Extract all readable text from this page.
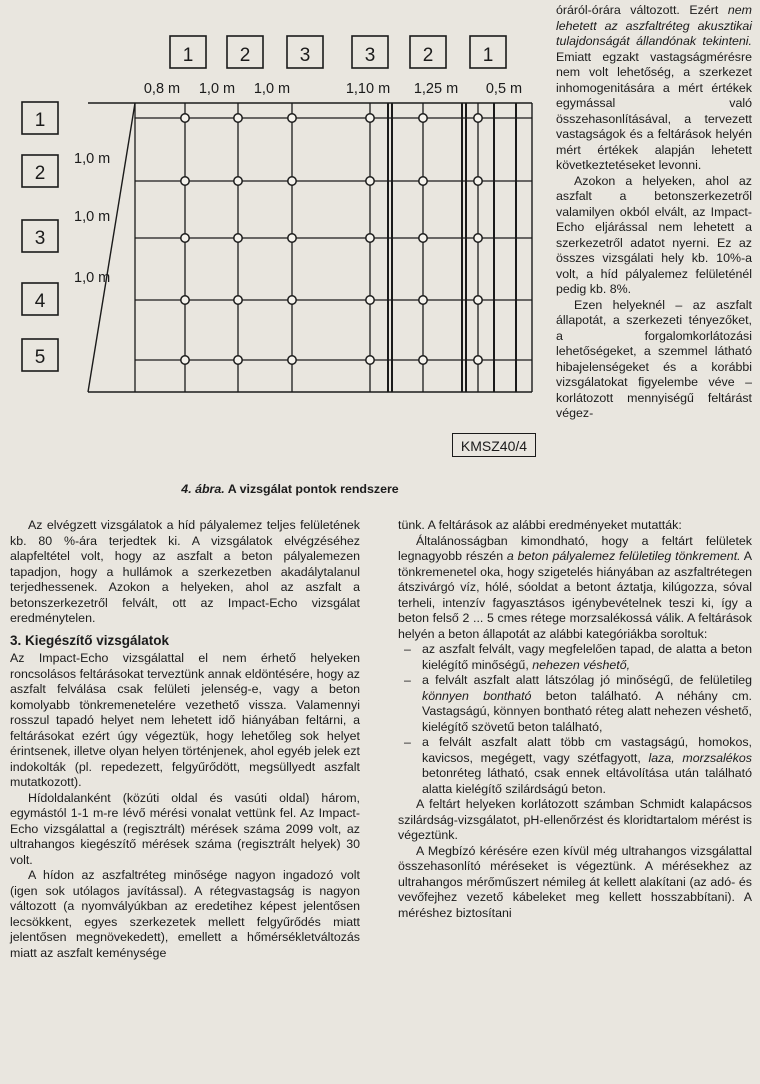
1 2	3	3 2	1
0,8 m 1,0 m 1,0 m	1,10 m 1,25 m 0,5 m
1
2
3
4
5
1,0 m
1,0 m
1,0 m
KMSZ40/4
4. ábra. A vizsgálat pontok rendszere

óráról-órára változott. Ezért nem lehetett az aszfaltréteg akusztikai tulajdonságát állandónak tekinteni. Emiatt egzakt vastagságmérésre nem volt lehetőség, a szerkezet inhomogenitására a mért értékek egymással való összehasonlításával, a tervezett vastagságok és a feltárások helyén mért értékek alapján lehetett következtetéseket levonni.

Azokon a helyeken, ahol az aszfalt a betonszerkezetről valamilyen okból elvált, az Impact-Echo eljárással nem lehetett a szerkezetről adatot nyerni. Ez az összes vizsgálati hely kb. 10%-a volt, a híd pályalemez felületénél pedig kb. 8%.

Ezen helyeknél – az aszfalt állapotát, a szerkezeti tényezőket, a forgalomkorlátozási lehetőségeket, a szemmel látható hibajelenségeket és a korábbi vizsgálatokat figyelembe véve – korlátozott mennyiségű feltárást végez-

Az elvégzett vizsgálatok a híd pályalemez teljes felületének kb. 80 %-ára terjedtek ki. A vizsgálatok elvégzéséhez alapfeltétel volt, hogy az aszfalt a beton pályalemezen tapadjon, hogy a hullámok a szerkezetben akadálytalanul terjedhessenek. Azokon a helyeken, ahol az aszfalt a betonszerkezetről felvált, ott az Impact-Echo vizsgálat eredménytelen.

3. Kiegészítő vizsgálatok

Az Impact-Echo vizsgálattal el nem érhető helyeken roncsolásos feltárásokat terveztünk annak eldöntésére, hogy az aszfalt felválása csak felületi jelenség-e, vagy a beton komolyabb tönkremenetelére vezethető vissza. Valamennyi rosszul tapadó helyet nem lehetett idő hiányában feltárni, a feltárásokat ezért úgy végeztük, hogy lehetőleg sok helyet érintsenek, illetve olyan helyen történjenek, ahol egyéb jelek ezt indokolták (pl. repedezett, felgyűrődött, megsüllyedt aszfalt mutatkozott).

Hídoldalanként (közúti oldal és vasúti oldal) három, egymástól 1-1 m-re lévő mérési vonalat vettünk fel. Az Impact-Echo vizsgálattal a (regisztrált) mérések száma 2099 volt, az ultrahangos kiegészítő mérések száma (regisztrált helyek) 30 volt.

A hídon az aszfaltréteg minősége nagyon ingadozó volt (igen sok utólagos javítással). A rétegvastagság is nagyon változott (a nyomvályúkban az eredetihez képest jelentősen lecsökkent, egyes szerkezetek mellett felgyűrődés miatt jelentősen megnövekedett), emellett a hőmérsékletváltozás miatt az aszfalt keménysége

tünk. A feltárások az alábbi eredményeket mutatták:

Általánosságban kimondható, hogy a feltárt felületek legnagyobb részén a beton pályalemez felületileg tönkrement. A tönkremenetel oka, hogy szigetelés hiányában az aszfaltrétegen átszivárgó víz, hólé, sóoldat a betont áztatja, kilúgozza, sóval terheli, intenzív fagyasztásos igénybevételnek teszi ki, így a beton felső 2 ... 5 cmes rétege morzsalékossá válik. A feltárások helyén a beton állapotát az alábbi kategóriákba soroltuk:

– az aszfalt felvált, vagy megfelelően tapad, de alatta a beton kielégítő minőségű, nehezen véshető,
– a felvált aszfalt alatt látszólag jó minőségű, de felületileg könnyen bontható beton található. A néhány cm. Vastagságú, könnyen bontható réteg alatt nehezen véshető, kielégítő szövetű beton található,
– a felvált aszfalt alatt több cm vastagságú, homokos, kavicsos, megégett, vagy szétfagyott, laza, morzsalékos betonréteg látható, csak ennek eltávolítása után található alatta kielégítő szilárdságú beton.

A feltárt helyeken korlátozott számban Schmidt kalapácsos szilárdság-vizsgálatot, pH-ellenőrzést és kloridtartalom mérést is végeztünk.

A Megbízó kérésére ezen kívül még ultrahangos vizsgálattal összehasonlító méréseket is végeztünk. A mérésekhez az ultrahangos mérőműszert némileg át kellett alakítani (az adó- és vevőfejhez vezető kábeleket meg kellett hosszabbítani). A méréshez biztosítani
